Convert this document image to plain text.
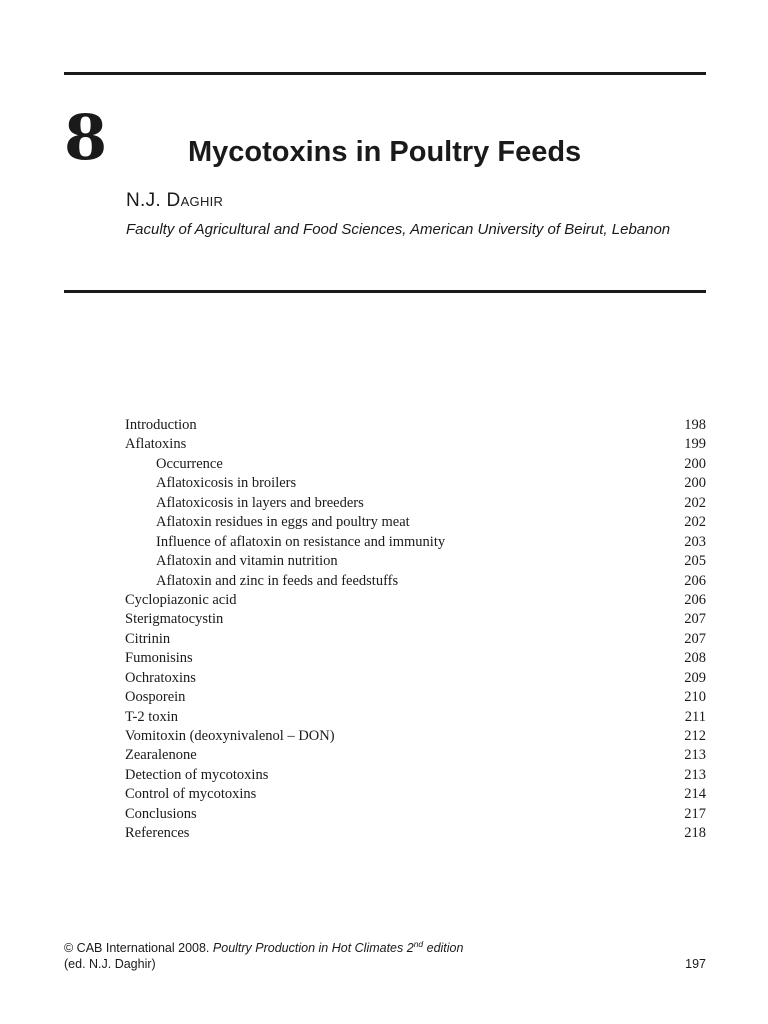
8	Mycotoxins in Poultry Feeds
N.J. Daghir
Faculty of Agricultural and Food Sciences, American University of Beirut, Lebanon
Introduction	198
Aflatoxins	199
Occurrence	200
Aflatoxicosis in broilers	200
Aflatoxicosis in layers and breeders	202
Aflatoxin residues in eggs and poultry meat	202
Influence of aflatoxin on resistance and immunity	203
Aflatoxin and vitamin nutrition	205
Aflatoxin and zinc in feeds and feedstuffs	206
Cyclopiazonic acid	206
Sterigmatocystin	207
Citrinin	207
Fumonisins	208
Ochratoxins	209
Oosporein	210
T-2 toxin	211
Vomitoxin (deoxynivalenol – DON)	212
Zearalenone	213
Detection of mycotoxins	213
Control of mycotoxins	214
Conclusions	217
References	218
© CAB International 2008. Poultry Production in Hot Climates 2nd edition
(ed. N.J. Daghir)	197
